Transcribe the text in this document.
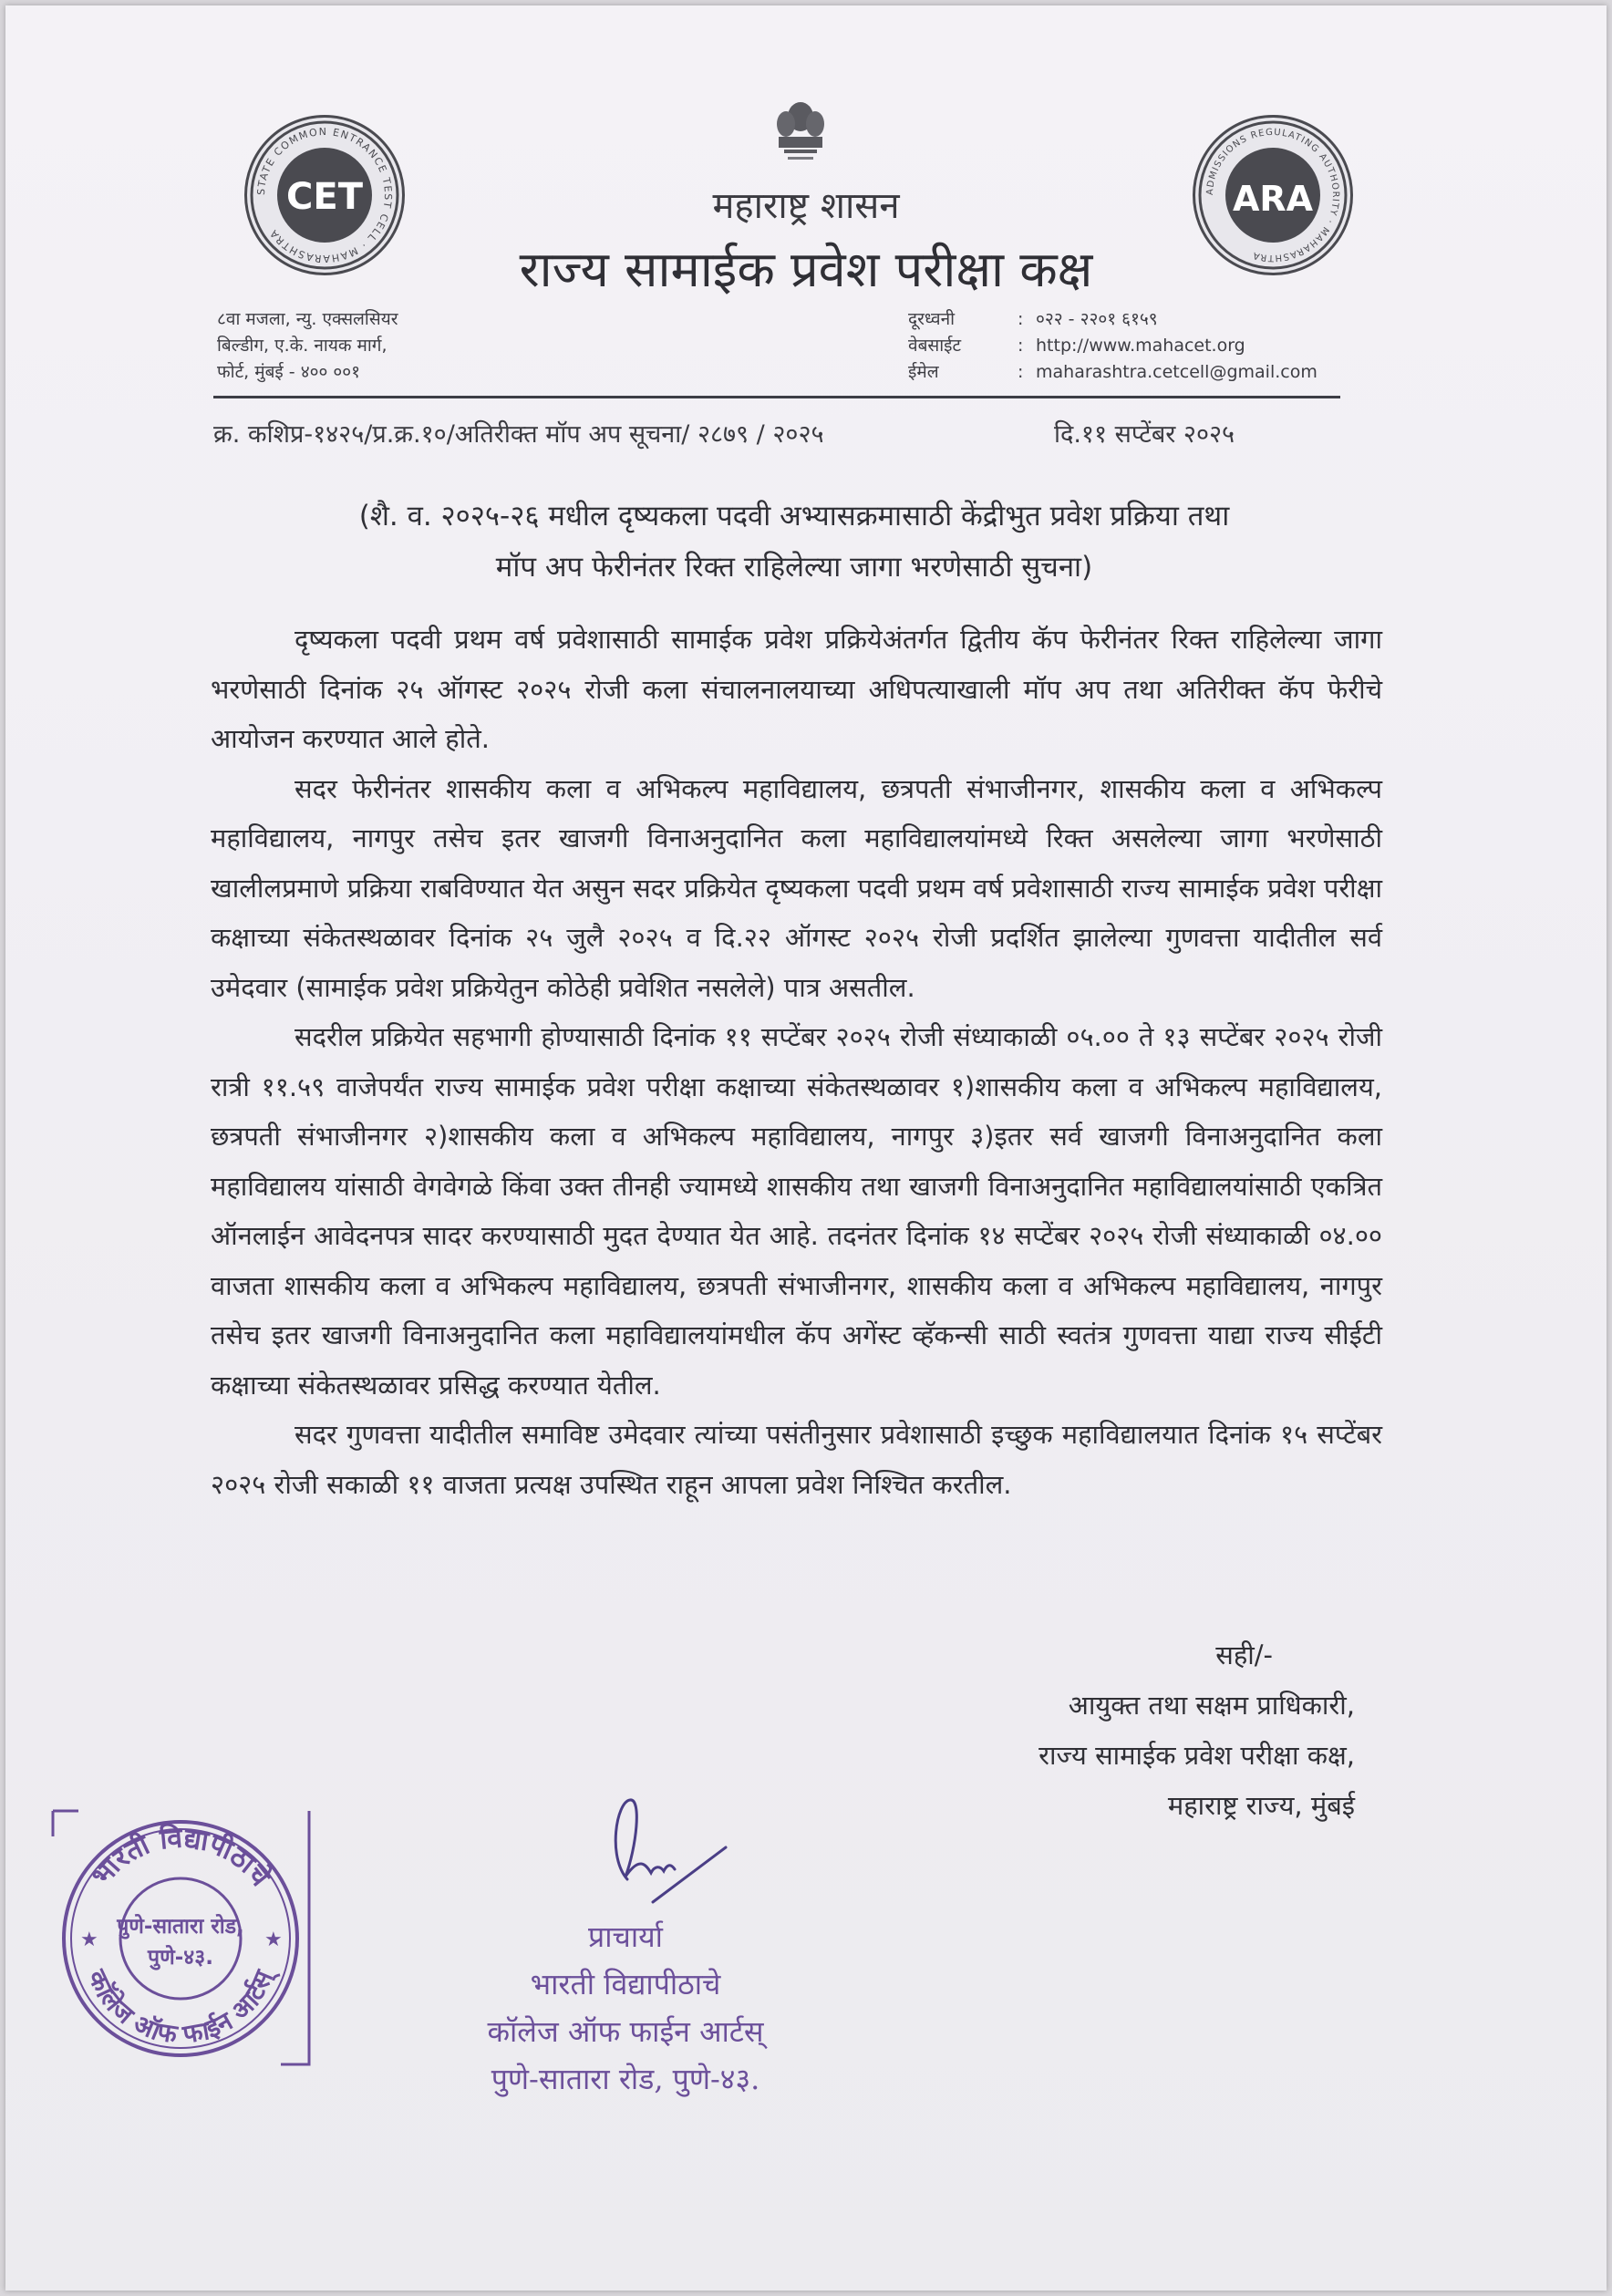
STATE COMMON ENTRANCE TEST CELL · MAHARASHTRA
CET	ADMISSIONS REGULATING AUTHORITY · MAHARASHTRA
ARA
महाराष्ट्र शासन
राज्य सामाईक प्रवेश परीक्षा कक्ष
८वा मजला, न्यु. एक्सलसियर
बिल्डीग, ए.के. नायक मार्ग,
फोर्ट, मुंबई - ४०० ००१
दूरध्वनी	: ०२२ - २२०१ ६१५९
वेबसाईट	: http://www.mahacet.org
ईमेल	: maharashtra.cetcell@gmail.com
क्र. कशिप्र-१४२५/प्र.क्र.१०/अतिरीक्त मॉप अप सूचना/ २८७९ / २०२५	दि.११ सप्टेंबर २०२५
(शै. व. २०२५-२६ मधील दृष्यकला पदवी अभ्यासक्रमासाठी केंद्रीभुत प्रवेश प्रक्रिया तथा
मॉप अप फेरीनंतर रिक्त राहिलेल्या जागा भरणेसाठी सुचना)

दृष्यकला पदवी प्रथम वर्ष प्रवेशासाठी सामाईक प्रवेश प्रक्रियेअंतर्गत द्वितीय कॅप फेरीनंतर रिक्त राहिलेल्या जागा भरणेसाठी दिनांक २५ ऑगस्ट २०२५ रोजी कला संचालनालयाच्या अधिपत्याखाली मॉप अप तथा अतिरीक्त कॅप फेरीचे आयोजन करण्यात आले होते.

सदर फेरीनंतर शासकीय कला व अभिकल्प महाविद्यालय, छत्रपती संभाजीनगर, शासकीय कला व अभिकल्प महाविद्यालय, नागपुर तसेच इतर खाजगी विनाअनुदानित कला महाविद्यालयांमध्ये रिक्त असलेल्या जागा भरणेसाठी खालीलप्रमाणे प्रक्रिया राबविण्यात येत असुन सदर प्रक्रियेत दृष्यकला पदवी प्रथम वर्ष प्रवेशासाठी राज्य सामाईक प्रवेश परीक्षा कक्षाच्या संकेतस्थळावर दिनांक २५ जुलै २०२५ व दि.२२ ऑगस्ट २०२५ रोजी प्रदर्शित झालेल्या गुणवत्ता यादीतील सर्व उमेदवार (सामाईक प्रवेश प्रक्रियेतुन कोठेही प्रवेशित नसलेले) पात्र असतील.

सदरील प्रक्रियेत सहभागी होण्यासाठी दिनांक ११ सप्टेंबर २०२५ रोजी संध्याकाळी ०५.०० ते १३ सप्टेंबर २०२५ रोजी रात्री ११.५९ वाजेपर्यंत राज्य सामाईक प्रवेश परीक्षा कक्षाच्या संकेतस्थळावर १)शासकीय कला व अभिकल्प महाविद्यालय, छत्रपती संभाजीनगर २)शासकीय कला व अभिकल्प महाविद्यालय, नागपुर ३)इतर सर्व खाजगी विनाअनुदानित कला महाविद्यालय यांसाठी वेगवेगळे किंवा उक्त तीनही ज्यामध्ये शासकीय तथा खाजगी विनाअनुदानित महाविद्यालयांसाठी एकत्रित ऑनलाईन आवेदनपत्र सादर करण्यासाठी मुदत देण्यात येत आहे. तदनंतर दिनांक १४ सप्टेंबर २०२५ रोजी संध्याकाळी ०४.०० वाजता शासकीय कला व अभिकल्प महाविद्यालय, छत्रपती संभाजीनगर, शासकीय कला व अभिकल्प महाविद्यालय, नागपुर तसेच इतर खाजगी विनाअनुदानित कला महाविद्यालयांमधील कॅप अगेंस्ट व्हॅकन्सी साठी स्वतंत्र गुणवत्ता याद्या राज्य सीईटी कक्षाच्या संकेतस्थळावर प्रसिद्ध करण्यात येतील.

सदर गुणवत्ता यादीतील समाविष्ट उमेदवार त्यांच्या पसंतीनुसार प्रवेशासाठी इच्छुक महाविद्यालयात दिनांक १५ सप्टेंबर २०२५ रोजी सकाळी ११ वाजता प्रत्यक्ष उपस्थित राहून आपला प्रवेश निश्चित करतील.

सही/-
आयुक्त तथा सक्षम प्राधिकारी,
राज्य सामाईक प्रवेश परीक्षा कक्ष,
महाराष्ट्र राज्य, मुंबई
भारती विद्यापीठाचे
कॉलेज ऑफ फाईन आर्टस्
पुणे-सातारा रोड,
पुणे-४३.
★	★	प्राचार्या
भारती विद्यापीठाचे
कॉलेज ऑफ फाईन आर्टस्
पुणे-सातारा रोड, पुणे-४३.
